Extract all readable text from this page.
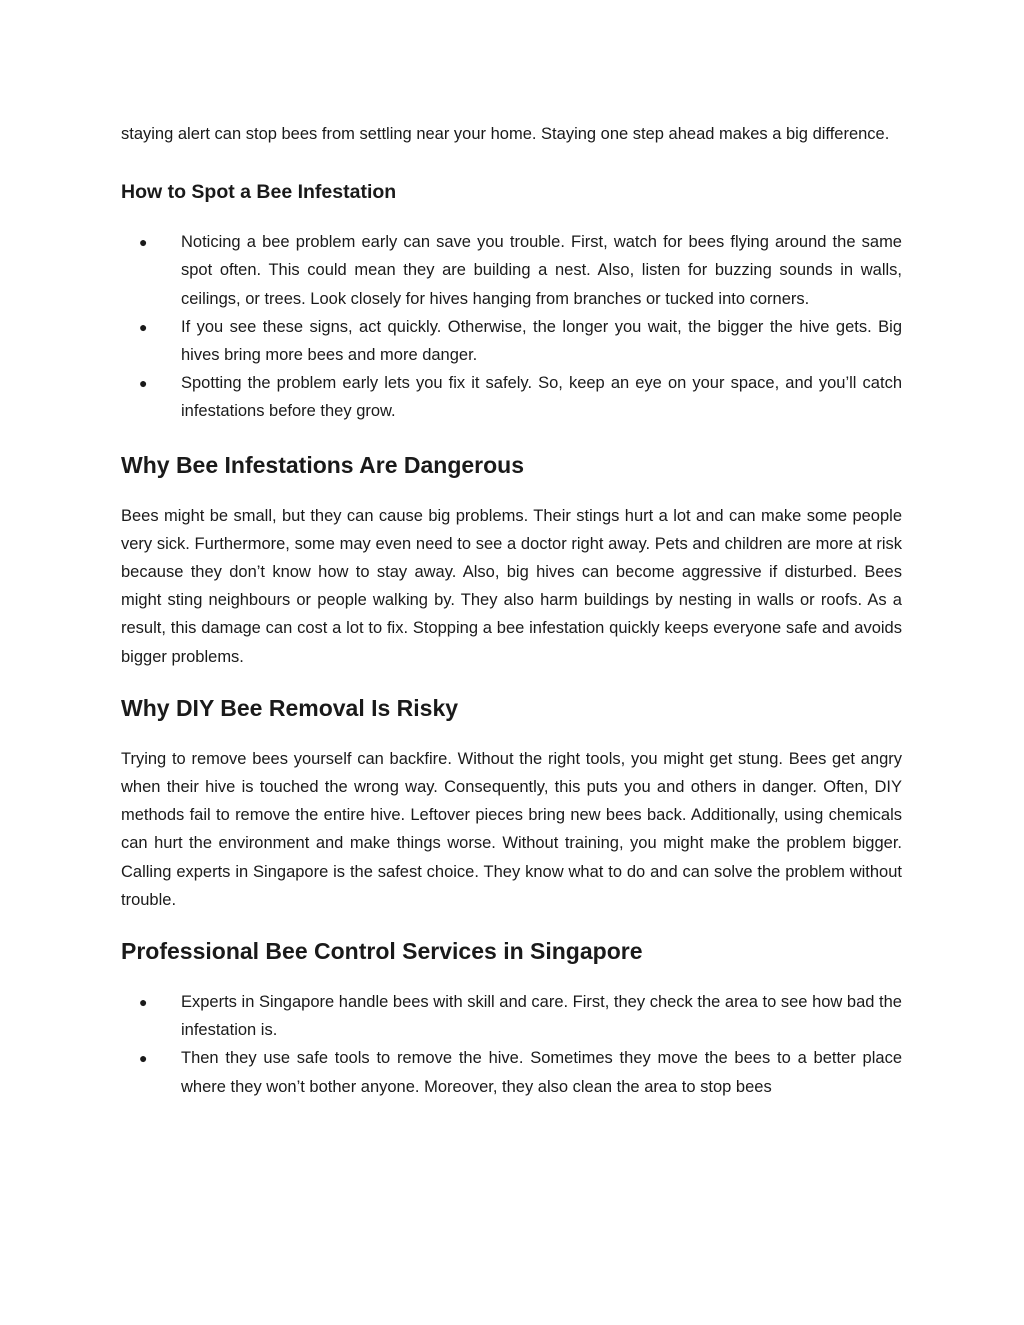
staying alert can stop bees from settling near your home. Staying one step ahead makes a big difference.

How to Spot a Bee Infestation
● Noticing a bee problem early can save you trouble. First, watch for bees flying around the same spot often. This could mean they are building a nest. Also, listen for buzzing sounds in walls, ceilings, or trees. Look closely for hives hanging from branches or tucked into corners.
● If you see these signs, act quickly. Otherwise, the longer you wait, the bigger the hive gets. Big hives bring more bees and more danger.
● Spotting the problem early lets you fix it safely. So, keep an eye on your space, and you’ll catch infestations before they grow.
Why Bee Infestations Are Dangerous

Bees might be small, but they can cause big problems. Their stings hurt a lot and can make some people very sick. Furthermore, some may even need to see a doctor right away. Pets and children are more at risk because they don’t know how to stay away. Also, big hives can become aggressive if disturbed. Bees might sting neighbours or people walking by. They also harm buildings by nesting in walls or roofs. As a result, this damage can cost a lot to fix. Stopping a bee infestation quickly keeps everyone safe and avoids bigger problems.

Why DIY Bee Removal Is Risky

Trying to remove bees yourself can backfire. Without the right tools, you might get stung. Bees get angry when their hive is touched the wrong way. Consequently, this puts you and others in danger. Often, DIY methods fail to remove the entire hive. Leftover pieces bring new bees back. Additionally, using chemicals can hurt the environment and make things worse. Without training, you might make the problem bigger. Calling experts in Singapore is the safest choice. They know what to do and can solve the problem without trouble.

Professional Bee Control Services in Singapore
● Experts in Singapore handle bees with skill and care. First, they check the area to see how bad the infestation is.
● Then they use safe tools to remove the hive. Sometimes they move the bees to a better place where they won’t bother anyone. Moreover, they also clean the area to stop bees
